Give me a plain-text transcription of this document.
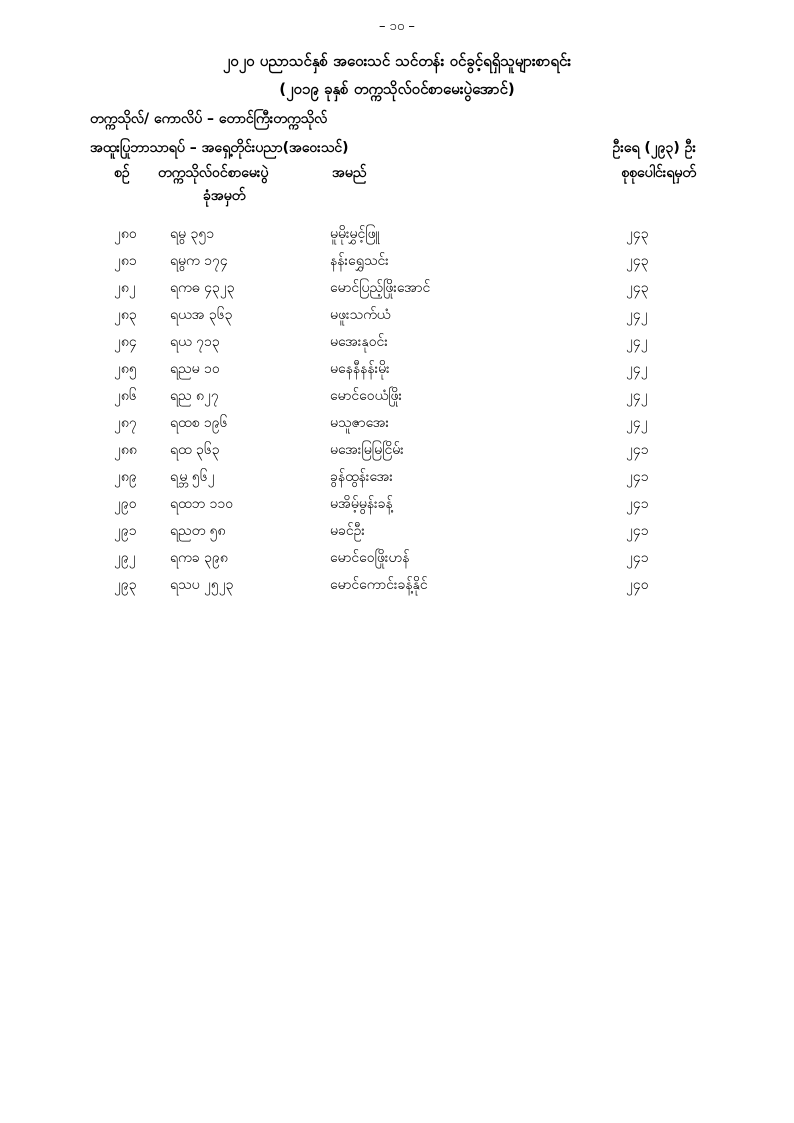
– ၁၀ –
၂၀၂၀ ပညာသင်နှစ် အဝေးသင် သင်တန်း ဝင်ခွင့်ရရှိသူများစာရင်း
(၂၀၁၉ ခုနှစ် တက္ကသိုလ်ဝင်စာမေးပွဲအောင်)
တက္ကသိုလ်/ ကောလိပ် – တောင်ကြီးတက္ကသိုလ်
အထူးပြုဘာသာရပ် – အရှေ့တိုင်းပညာ(အဝေးသင်)	ဦးရေ (၂၉၃) ဦး
စဉ် တက္ကသိုလ်ဝင်စာမေးပွဲ
ခုံအမှတ်
အမည်	စုစုပေါင်းရမှတ်
၂၈၀ ရမွ ၃၅၁	မူမိုးမွှင့်ဖြူ	၂၄၃
၂၈၁ ရမွက ၁၇၄	နန်းရွှေသင်း	၂၄၃
၂၈၂ ရကဓ ၄၃၂၃	မောင်ပြည့်ဖြိုးအောင်	၂၄၃
၂၈၃ ရယအ ၃၆၃	မဖူးသက်ယံ	၂၄၂
၂၈၄ ရယ ၇၁၃	မအေးနုဝင်း	၂၄၂
၂၈၅ ရညမ ၁၀	မနေနီနန်းမိုး	၂၄၂
၂၈၆ ရည ၈၂၇	မောင်ဝေယံဖြိုး	၂၄၂
၂၈၇ ရထစ ၁၉၆	မသူဇာအေး	၂၄၂
၂၈၈ ရထ ၃၆၃	မအေးမြမြငြိမ်း	၂၄၁
၂၈၉ ရမ္ဘ ၅၆၂	ခွန်ထွန်းအေး	၂၄၁
၂၉၀ ရထဘ ၁၁၀	မအိမ့်မွန်းခန့်	၂၄၁
၂၉၁ ရညတ ၅၈	မခင်ဦး	၂၄၁
၂၉၂ ရကခ ၃၉၈	မောင်ဝေဖြိုးဟန်	၂၄၁
၂၉၃ ရသပ ၂၅၂၃	မောင်ကောင်းခန့်နိုင်	၂၄၀
